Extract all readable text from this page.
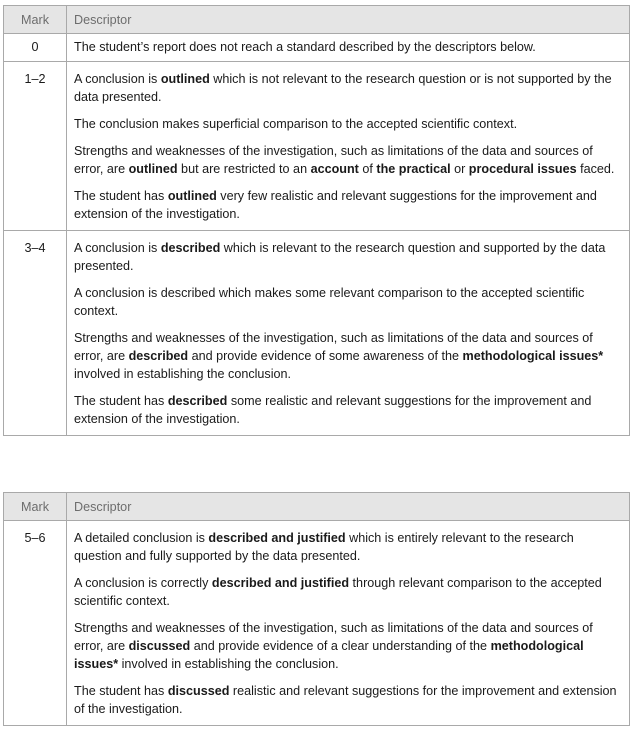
Mark	Descriptor
0	The student’s report does not reach a standard described by the descriptors below.

1–2	A conclusion is outlined which is not relevant to the research question or is not supported by the data presented.

The conclusion makes superficial comparison to the accepted scientific context.

Strengths and weaknesses of the investigation, such as limitations of the data and sources of error, are outlined but are restricted to an account of the practical or procedural issues faced.

The student has outlined very few realistic and relevant suggestions for the improvement and extension of the investigation.

3–4	A conclusion is described which is relevant to the research question and supported by the data presented.

A conclusion is described which makes some relevant comparison to the accepted scientific context.

Strengths and weaknesses of the investigation, such as limitations of the data and sources of error, are described and provide evidence of some awareness of the methodological issues* involved in establishing the conclusion.

The student has described some realistic and relevant suggestions for the improvement and extension of the investigation.

Mark	Descriptor
5–6	A detailed conclusion is described and justified which is entirely relevant to the research question and fully supported by the data presented.

A conclusion is correctly described and justified through relevant comparison to the accepted scientific context.

Strengths and weaknesses of the investigation, such as limitations of the data and sources of error, are discussed and provide evidence of a clear understanding of the methodological issues* involved in establishing the conclusion.

The student has discussed realistic and relevant suggestions for the improvement and extension of the investigation.
